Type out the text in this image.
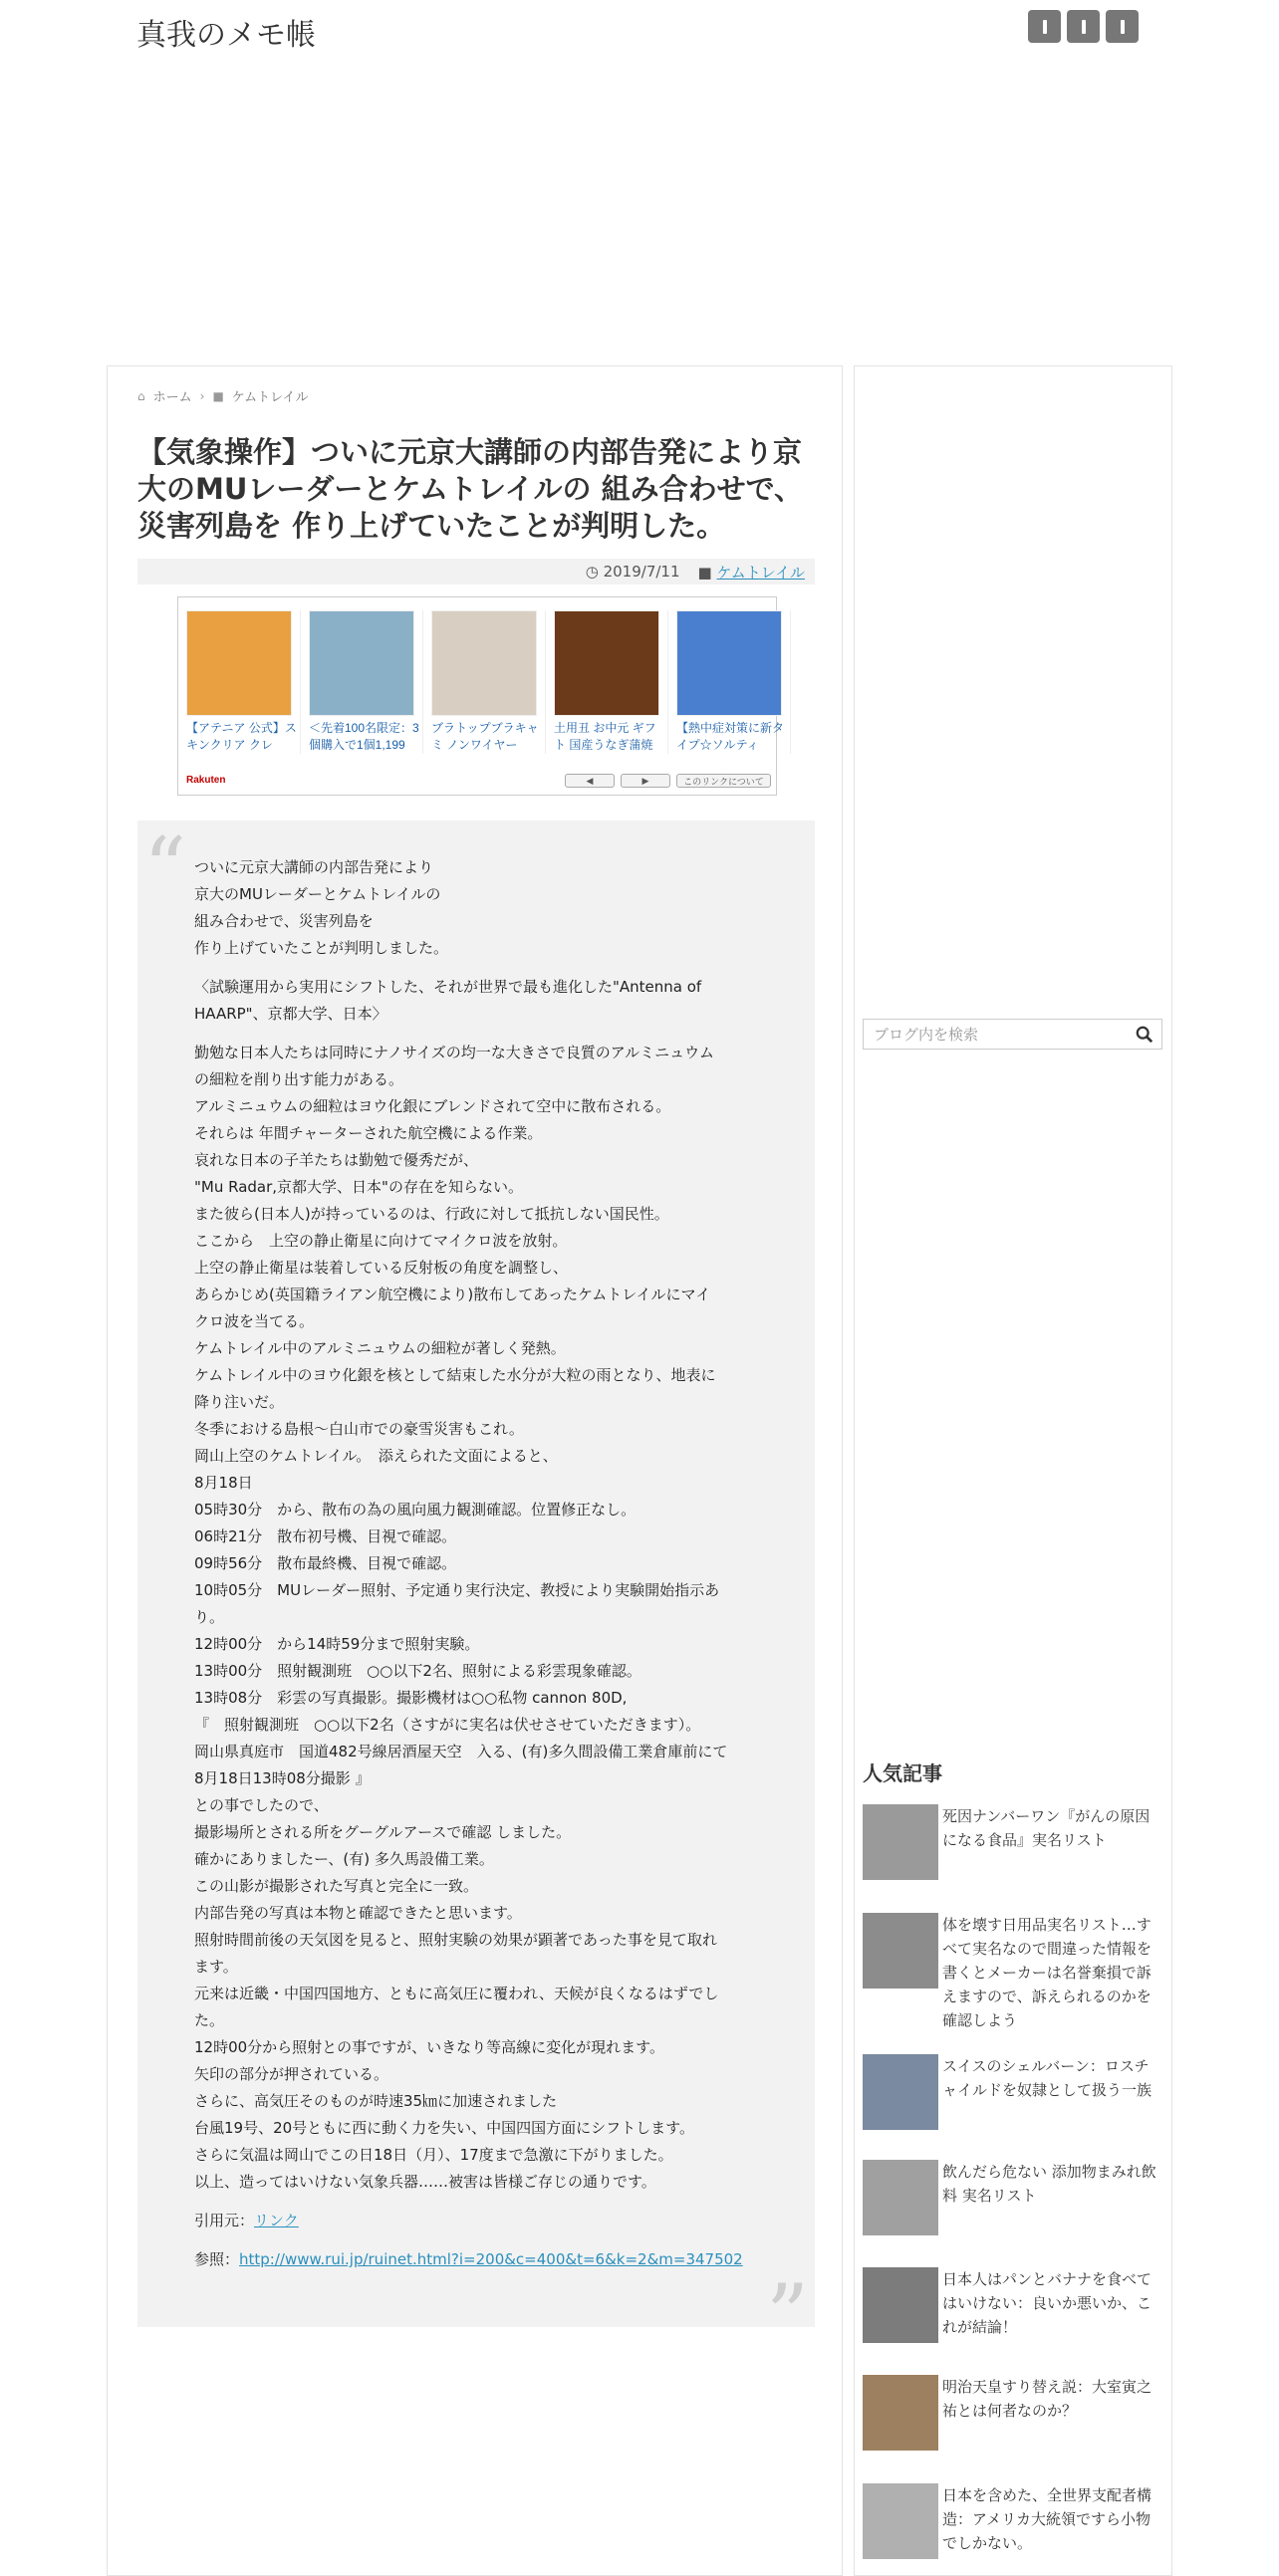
真我のメモ帳
⌂ ホーム › ■ ケムトレイル
【気象操作】ついに元京大講師の内部告発により京大のMUレーダーとケムトレイルの 組み合わせで、災害列島を 作り上げていたことが判明した。
◷ 2019/7/11 ■ ケムトレイル
【アテニア 公式】スキンクリア クレ
＜先着100名限定：3個購入で1個1,199
ブラトップブラキャミ ノンワイヤー
土用丑 お中元 ギフト 国産うなぎ蒲焼
【熱中症対策に新タイプ☆ソルティ
Rakuten	◀	▶	このリンクについて
“
”

ついに元京大講師の内部告発により
京大のMUレーダーとケムトレイルの
組み合わせで、災害列島を
作り上げていたことが判明しました。

〈試験運用から実用にシフトした、それが世界で最も進化した"Antenna of
HAARP"、京都大学、日本〉

勤勉な日本人たちは同時にナノサイズの均一な大きさで良質のアルミニュウム
の細粒を削り出す能力がある。
アルミニュウムの細粒はヨウ化銀にブレンドされて空中に散布される。
それらは 年間チャーターされた航空機による作業。
哀れな日本の子羊たちは勤勉で優秀だが、
"Mu Radar,京都大学、日本"の存在を知らない。
また彼ら(日本人)が持っているのは、行政に対して抵抗しない国民性。
ここから　上空の静止衛星に向けてマイクロ波を放射。
上空の静止衛星は装着している反射板の角度を調整し、
あらかじめ(英国籍ライアン航空機により)散布してあったケムトレイルにマイ
クロ波を当てる。
ケムトレイル中のアルミニュウムの細粒が著しく発熱。
ケムトレイル中のヨウ化銀を核として結束した水分が大粒の雨となり、地表に
降り注いだ。
冬季における島根～白山市での豪雪災害もこれ。
岡山上空のケムトレイル。　添えられた文面によると、
8月18日
05時30分　から、散布の為の風向風力観測確認。位置修正なし。
06時21分　散布初号機、目視で確認。
09時56分　散布最終機、目視で確認。
10時05分　MUレーダー照射、予定通り実行決定、教授により実験開始指示あ
り。
12時00分　から14時59分まで照射実験。
13時00分　照射観測班　○○以下2名、照射による彩雲現象確認。
13時08分　彩雲の写真撮影。撮影機材は○○私物 cannon 80D,
『　照射観測班　○○以下2名（さすがに実名は伏せさせていただきます）。
岡山県真庭市　国道482号線居酒屋天空　入る、(有)多久間設備工業倉庫前にて
8月18日13時08分撮影 』
との事でしたので、
撮影場所とされる所をグーグルアースで確認 しました。
確かにありましたー、(有) 多久馬設備工業。
この山影が撮影された写真と完全に一致。
内部告発の写真は本物と確認できたと思います。
照射時間前後の天気図を見ると、照射実験の効果が顕著であった事を見て取れ
ます。
元来は近畿・中国四国地方、ともに高気圧に覆われ、天候が良くなるはずでし
た。
12時00分から照射との事ですが、いきなり等高線に変化が現れます。
矢印の部分が押されている。
さらに、高気圧そのものが時速35㎞に加速されました
台風19号、20号ともに西に動く力を失い、中国四国方面にシフトします。
さらに気温は岡山でこの日18日（月）、17度まで急激に下がりました。
以上、造ってはいけない気象兵器……被害は皆様ご存じの通りです。

引用元：リンク

参照：http://www.rui.jp/ruinet.html?i=200&c=400&t=6&k=2&m=347502

ブログ内を検索
人気記事
死因ナンバーワン『がんの原因になる食品』実名リスト
体を壊す日用品実名リスト…すべて実名なので間違った情報を書くとメーカーは名誉棄損で訴えますので、訴えられるのかを確認しよう
スイスのシェルバーン：ロスチャイルドを奴隷として扱う一族
飲んだら危ない 添加物まみれ飲料 実名リスト
日本人はパンとバナナを食べてはいけない：良いか悪いか、これが結論！
明治天皇すり替え説：大室寅之祐とは何者なのか？
日本を含めた、全世界支配者構造：アメリカ大統領ですら小物でしかない。
